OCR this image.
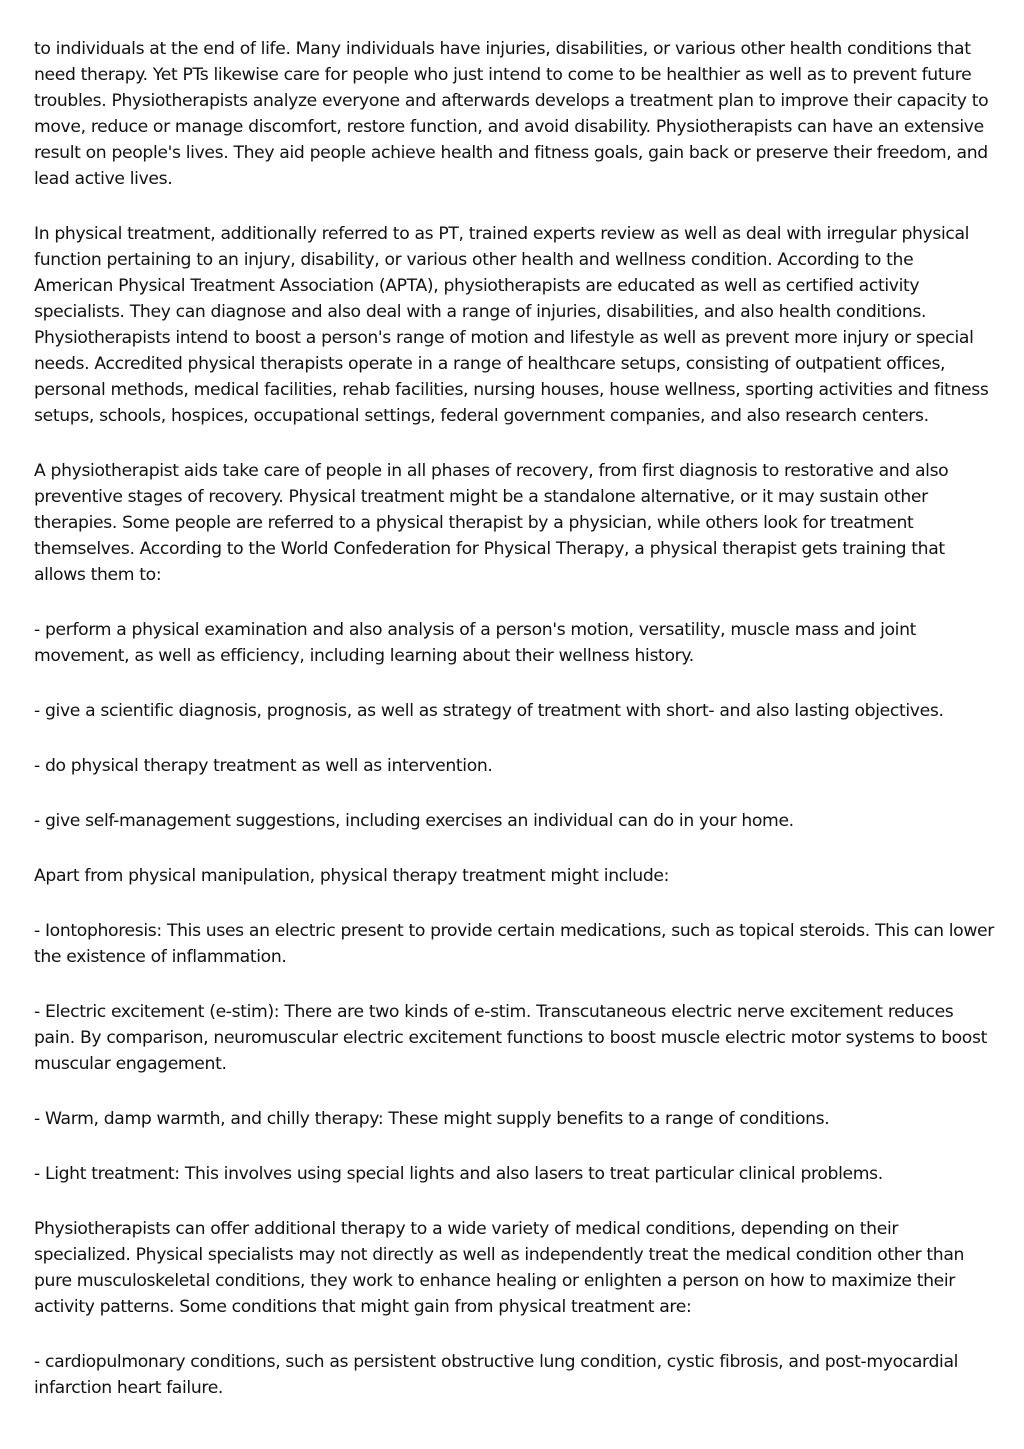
to individuals at the end of life. Many individuals have injuries, disabilities, or various other health conditions that need therapy. Yet PTs likewise care for people who just intend to come to be healthier as well as to prevent future troubles. Physiotherapists analyze everyone and afterwards develops a treatment plan to improve their capacity to move, reduce or manage discomfort, restore function, and avoid disability. Physiotherapists can have an extensive result on people's lives. They aid people achieve health and fitness goals, gain back or preserve their freedom, and lead active lives.

In physical treatment, additionally referred to as PT, trained experts review as well as deal with irregular physical function pertaining to an injury, disability, or various other health and wellness condition. According to the American Physical Treatment Association (APTA), physiotherapists are educated as well as certified activity specialists. They can diagnose and also deal with a range of injuries, disabilities, and also health conditions. Physiotherapists intend to boost a person's range of motion and lifestyle as well as prevent more injury or special needs. Accredited physical therapists operate in a range of healthcare setups, consisting of outpatient offices, personal methods, medical facilities, rehab facilities, nursing houses, house wellness, sporting activities and fitness setups, schools, hospices, occupational settings, federal government companies, and also research centers.

A physiotherapist aids take care of people in all phases of recovery, from first diagnosis to restorative and also preventive stages of recovery. Physical treatment might be a standalone alternative, or it may sustain other therapies. Some people are referred to a physical therapist by a physician, while others look for treatment themselves. According to the World Confederation for Physical Therapy, a physical therapist gets training that allows them to:

- perform a physical examination and also analysis of a person's motion, versatility, muscle mass and joint movement, as well as efficiency, including learning about their wellness history.

- give a scientific diagnosis, prognosis, as well as strategy of treatment with short- and also lasting objectives.

- do physical therapy treatment as well as intervention.

- give self-management suggestions, including exercises an individual can do in your home.

Apart from physical manipulation, physical therapy treatment might include:

- Iontophoresis: This uses an electric present to provide certain medications, such as topical steroids. This can lower the existence of inflammation.

- Electric excitement (e-stim): There are two kinds of e-stim. Transcutaneous electric nerve excitement reduces pain. By comparison, neuromuscular electric excitement functions to boost muscle electric motor systems to boost muscular engagement.

- Warm, damp warmth, and chilly therapy: These might supply benefits to a range of conditions.

- Light treatment: This involves using special lights and also lasers to treat particular clinical problems.

Physiotherapists can offer additional therapy to a wide variety of medical conditions, depending on their specialized. Physical specialists may not directly as well as independently treat the medical condition other than pure musculoskeletal conditions, they work to enhance healing or enlighten a person on how to maximize their activity patterns. Some conditions that might gain from physical treatment are:

- cardiopulmonary conditions, such as persistent obstructive lung condition, cystic fibrosis, and post-myocardial infarction heart failure.
